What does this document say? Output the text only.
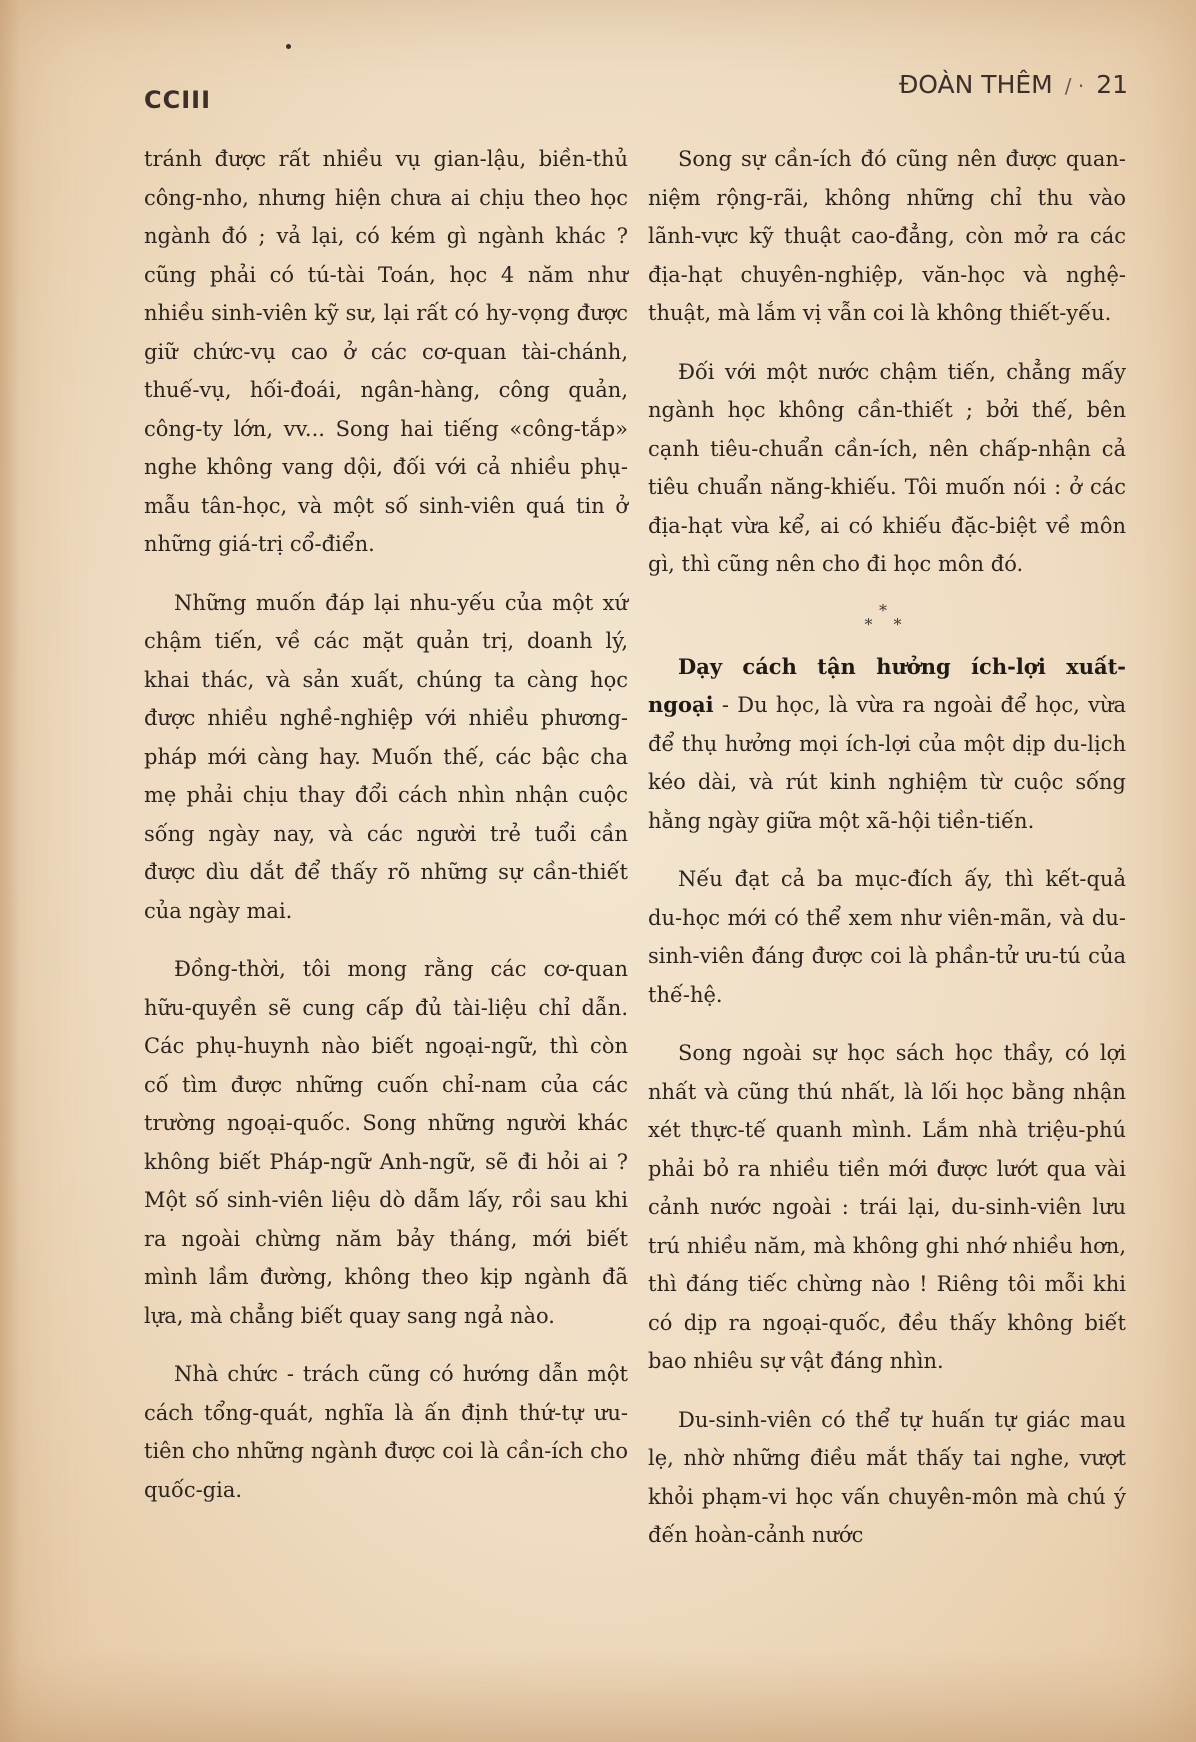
CCIII
ĐOÀN THÊM / · 21

tránh được rất nhiều vụ gian-lậu, biền-thủ công-nho, nhưng hiện chưa ai chịu theo học ngành đó ; vả lại, có kém gì ngành khác ? cũng phải có tú-tài Toán, học 4 năm như nhiều sinh-viên kỹ sư, lại rất có hy-vọng được giữ chức-vụ cao ở các cơ-quan tài-chánh, thuế-vụ, hối-đoái, ngân-hàng, công quản, công-ty lớn, vv... Song hai tiếng «công-tắp» nghe không vang dội, đối với cả nhiều phụ-mẫu tân-học, và một số sinh-viên quá tin ở những giá-trị cổ-điển.

Những muốn đáp lại nhu-yếu của một xứ chậm tiến, về các mặt quản trị, doanh lý, khai thác, và sản xuất, chúng ta càng học được nhiều nghề-nghiệp với nhiều phương-pháp mới càng hay. Muốn thế, các bậc cha mẹ phải chịu thay đổi cách nhìn nhận cuộc sống ngày nay, và các người trẻ tuổi cần được dìu dắt để thấy rõ những sự cần-thiết của ngày mai.

Đồng-thời, tôi mong rằng các cơ-quan hữu-quyền sẽ cung cấp đủ tài-liệu chỉ dẫn. Các phụ-huynh nào biết ngoại-ngữ, thì còn cố tìm được những cuốn chỉ-nam của các trường ngoại-quốc. Song những người khác không biết Pháp-ngữ Anh-ngữ, sẽ đi hỏi ai ? Một số sinh-viên liệu dò dẫm lấy, rồi sau khi ra ngoài chừng năm bảy tháng, mới biết mình lầm đường, không theo kịp ngành đã lựa, mà chẳng biết quay sang ngả nào.

Nhà chức - trách cũng có hướng dẫn một cách tổng-quát, nghĩa là ấn định thứ-tự ưu-tiên cho những ngành được coi là cần-ích cho quốc-gia.

Song sự cần-ích đó cũng nên được quan-niệm rộng-rãi, không những chỉ thu vào lãnh-vực kỹ thuật cao-đẳng, còn mở ra các địa-hạt chuyên-nghiệp, văn-học và nghệ-thuật, mà lắm vị vẫn coi là không thiết-yếu.

Đối với một nước chậm tiến, chẳng mấy ngành học không cần-thiết ; bởi thế, bên cạnh tiêu-chuẩn cần-ích, nên chấp-nhận cả tiêu chuẩn năng-khiếu. Tôi muốn nói : ở các địa-hạt vừa kể, ai có khiếu đặc-biệt về môn gì, thì cũng nên cho đi học môn đó.

*
* *

Dạy cách tận hưởng ích-lợi xuất-ngoại - Du học, là vừa ra ngoài để học, vừa để thụ hưởng mọi ích-lợi của một dịp du-lịch kéo dài, và rút kinh nghiệm từ cuộc sống hằng ngày giữa một xã-hội tiền-tiến.

Nếu đạt cả ba mục-đích ấy, thì kết-quả du-học mới có thể xem như viên-mãn, và du-sinh-viên đáng được coi là phần-tử ưu-tú của thế-hệ.

Song ngoài sự học sách học thầy, có lợi nhất và cũng thú nhất, là lối học bằng nhận xét thực-tế quanh mình. Lắm nhà triệu-phú phải bỏ ra nhiều tiền mới được lướt qua vài cảnh nước ngoài : trái lại, du-sinh-viên lưu trú nhiều năm, mà không ghi nhớ nhiều hơn, thì đáng tiếc chừng nào ! Riêng tôi mỗi khi có dịp ra ngoại-quốc, đều thấy không biết bao nhiêu sự vật đáng nhìn.

Du-sinh-viên có thể tự huấn tự giác mau lẹ, nhờ những điều mắt thấy tai nghe, vượt khỏi phạm-vi học vấn chuyên-môn mà chú ý đến hoàn-cảnh nước
